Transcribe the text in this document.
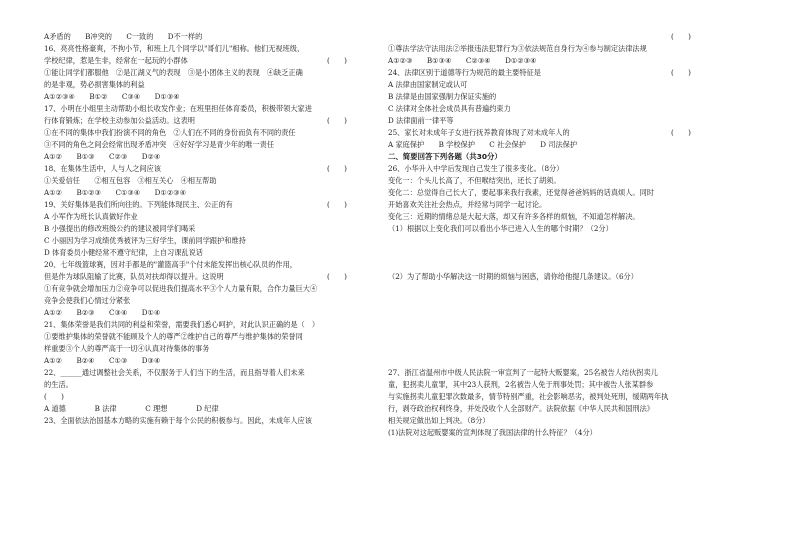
A矛盾的　　B冲突的　　C一致的　　D不一样的
16、亮亮性格豪爽，不拘小节，和班上几个同学以"哥们儿"相称。他们无视班级、
学校纪律，惹是生非，经常在一起玩的小群体	(　　)
①能让同学们都服他　②是江湖义气的表现　③是小团体主义的表现　④缺乏正确
的是非观，势必损害集体的利益
A①②③④　　B①②　　C③④　　D①③④
17、小明在小组里主动帮助小组长收发作业；在班里担任体育委员，积极带领大家进
行体育锻炼；在学校主动参加公益活动。这表明	(　　)
①在不同的集体中我们扮演不同的角色　②人们在不同的身份而负有不同的责任
③不同的角色之间会经常出现矛盾冲突　④好好学习是青少年的唯一责任
A①②　　B①③　　C②③　　D②④
18、在集体生活中，人与人之间应该	(　　)
①关爱信任　　②相互包容　③相互关心　④相互帮助
A①②　　B①②③　　C①③④　　D①②③④
19、关好集体是我们所向往的。下列能体现民主、公正的有	(　　)
A 小军作为班长认真做好作业
B 小强提出的修改班级公约的建议被同学们喝采
C 小丽因为学习成绩优秀被评为三好学生，课前同学跟护和维持
D 体育委员小健经常不遵守纪律，上自习课乱说话
20、七年级篮球赛，因对手都是的"灌篮高手"个付未能发挥出核心队员的作用，
但是作为球队阻输了比赛，队员对扶却得以提升。这说明	(　　)
①有竞争就会增加压力②竞争可以促进我们提高水平③个人力量有限，合作力量巨大④
竞争会使我们心情过分紧张
A①②　　B②③　　C③④　　D①④
21、集体荣誉是我们共同的利益和荣誉，需要我们悉心呵护，对此认识正确的是（　）
①要维护集体的荣誉就不能顾及个人的尊严②维护自己的尊严与维护集体的荣誉同
样重要③个人的尊严高于一切④认真对待集体的事务
A①②　　B②④　　C①③　　D③④
22、______通过调整社会关系，不仅服务于人们当下的生活，而且指导着人们未来
的生活。
(　　)
A 道德　　　　B 法律　　　　C 理想　　　　D 纪律
23、全面依法治国基本方略的实施有赖于每个公民的积极参与。因此，未成年人应该
(　　)
①尊法学法守法用法②举报违法犯罪行为③依法规范自身行为④参与制定法律法规
A①②③　　B①③④　　C②③④　　D①②③④
24、法律区别于道德等行为规范的最主要特征是	(　　)
A 法律由国家制定或认可
B 法律是由国家强制力保证实施的
C 法律对全体社会成员具有普遍约束力
D 法律面前一律平等
25、家长对未成年子女进行抚养教育体现了对未成年人的	(　　)
A 家庭保护　　B 学校保护　　C 社会保护　　D 司法保护
二、简要回答下列各题（共30分）
26、小华升入中学后发现自己发生了很多变化。（8分）
变化一：个头儿长高了，不但喉结突出，还长了胡须。
变化二：总觉得自己长大了，要起事来我行我素，还觉得爸爸妈妈的话真烦人。同时
开始喜欢关注社会热点，并经常与同学一起讨论。
变化三：近期的情绪总是大起大落，却又有许多各样的烦恼，不知道怎样解决。
（1）根据以上变化我们可以看出小华已进入人生的哪个时期？（2分）
（2）为了帮助小华解决这一时期的烦恼与困惑，请你给他提几条建议。（6分）
27、浙江省温州市中级人民法院一审宣判了一起特大贩婴案，25名被告人结伙拐卖儿
童，犯拐卖儿童罪，其中23人获刑，2名被告人免于刑事处罚；其中被告人张某群参
与实施拐卖儿童犯罪次数最多，情节特别严重，社会影响恶劣，被判处死刑，缓期两年执
行，剥夺政治权利终身，并处没收个人全部财产。法院依据《中华人民共和国刑法》
相关规定做出如上判决。（8分）
(1)法院对这起贩婴案的宣判体现了我国法律的什么特征？（4分）
